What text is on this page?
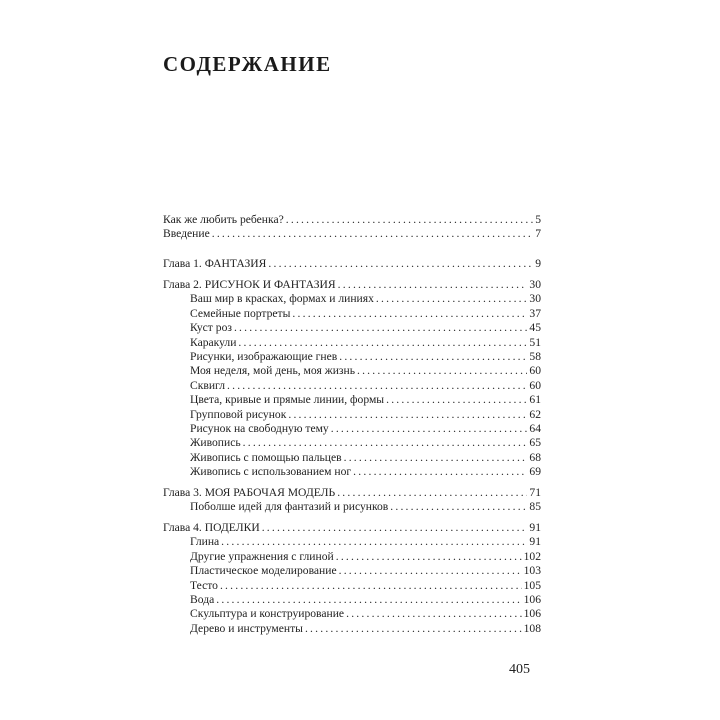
СОДЕРЖАНИЕ
Как же любить ребенка? .....	5
Введение .....	7
Глава 1. ФАНТАЗИЯ .....	9
Глава 2. РИСУНОК И ФАНТАЗИЯ .....	30
Ваш мир в красках, формах и линиях .....	30
Семейные портреты .....	37
Куст роз .....	45
Каракули .....	51
Рисунки, изображающие гнев .....	58
Моя неделя, мой день, моя жизнь .....	60
Сквигл .....	60
Цвета, кривые и прямые линии, формы .....	61
Групповой рисунок .....	62
Рисунок на свободную тему .....	64
Живопись .....	65
Живопись с помощью пальцев .....	68
Живопись с использованием ног .....	69
Глава 3. МОЯ РАБОЧАЯ МОДЕЛЬ .....	71
Поболше идей для фантазий и рисунков .....	85
Глава 4. ПОДЕЛКИ .....	91
Глина .....	91
Другие упражнения с глиной .....	102
Пластическое моделирование .....	103
Тесто .....	105
Вода .....	106
Скульптура и конструирование .....	106
Дерево и инструменты .....	108
405
